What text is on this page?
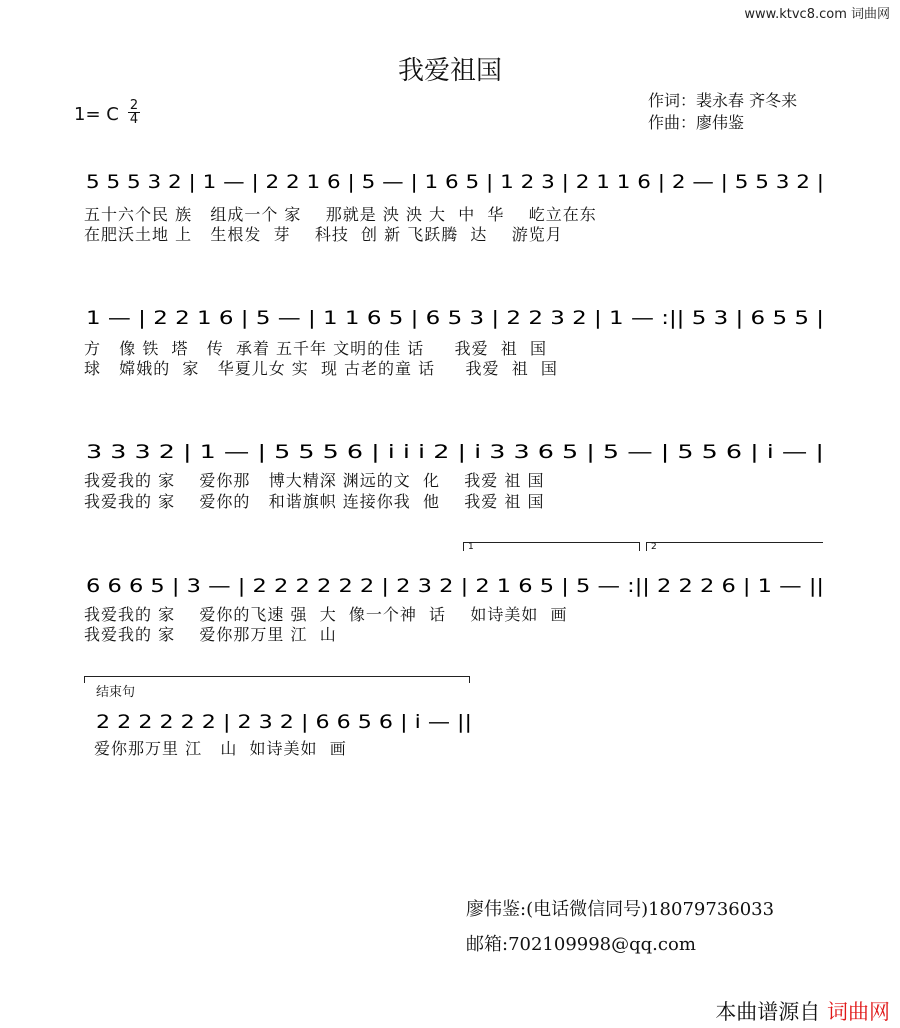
www.ktvc8.com 词曲网
我爱祖国
1= C $\frac{2}{4}$	作词：裴永春 齐冬来
作曲：廖伟鉴
5 5 5 3 2 | 1 — | 2 2 1 6 | 5 — | 1 6 5 | 1 2 3 | 2 1 1 6 | 2 — | 5 5 3 2 |
五十六个民 族   组成一个 家    那就是 泱 泱 大  中  华    屹立在东
在肥沃土地 上   生根发  芽    科技  创 新 飞跃腾  达    游览月
1 — | 2 2 1 6 | 5 — | 1 1 6 5 | 6 5 3 | 2 2 3 2 | 1 — :|| 5 3 | 6 5 5 |
方   像 铁  塔   传  承着 五千年 文明的佳 话     我爱  祖  国
球   嫦娥的  家   华夏儿女 实  现 古老的童 话     我爱  祖  国
3 3 3 2 | 1 — | 5 5 5 6 | i i i 2 | i 3 3 6 5 | 5 — | 5 5 6 | i — |
我爱我的 家    爱你那   博大精深 渊远的文  化    我爱 祖 国
我爱我的 家    爱你的   和谐旗帜 连接你我  他    我爱 祖 国
1	2
6 6 6 5 | 3 — | 2 2 2 2 2 2 | 2 3 2 | 2 1 6 5 | 5 — :|| 2 2 2 6 | 1 — ||
我爱我的 家    爱你的飞速 强  大  像一个神  话    如诗美如  画
我爱我的 家    爱你那万里 江  山
结束句
2 2 2 2 2 2 | 2 3 2 | 6 6 5 6 | i — ||
爱你那万里 江   山  如诗美如  画
廖伟鉴:(电话微信同号)18079736033
邮箱:702109998@qq.com
本曲谱源自 词曲网
